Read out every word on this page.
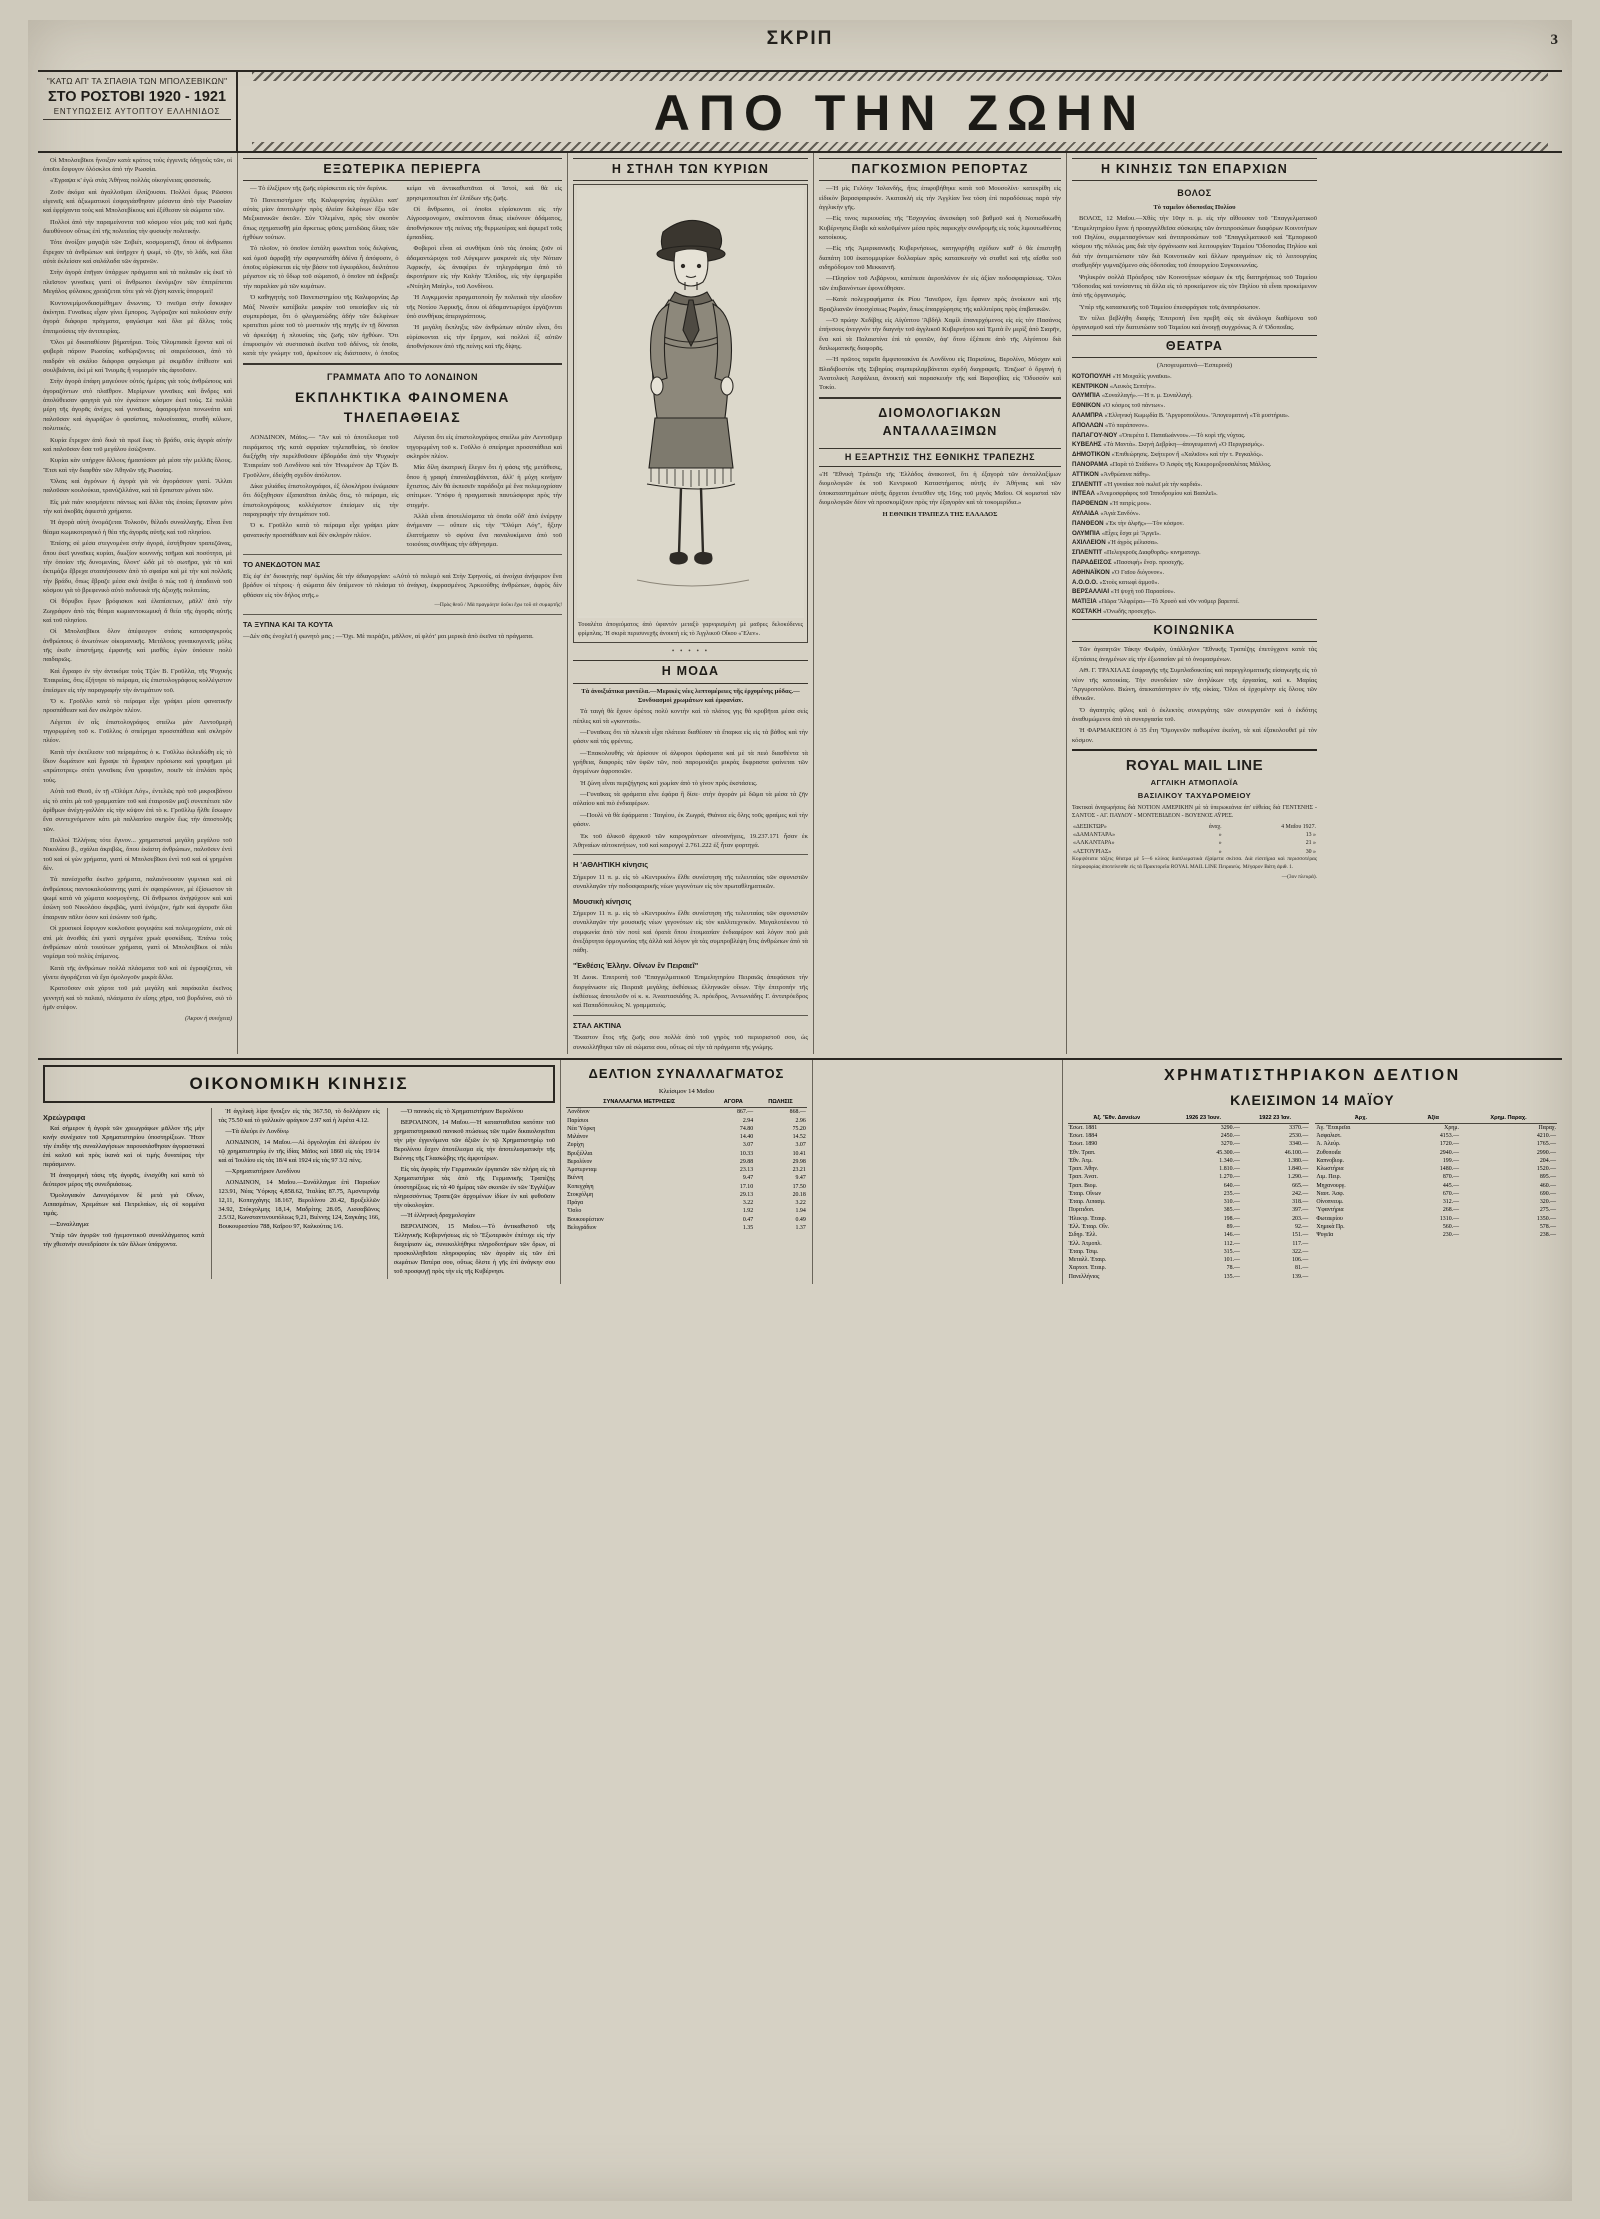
ΣΚΡΙΠ	3
"ΚΑΤΩ ΑΠ' ΤΑ ΣΠΑΘΙΑ ΤΩΝ ΜΠΟΛΣΕΒΙΚΩΝ"
ΣΤΟ ΡΟΣΤΟΒΙ 1920 - 1921
ΕΝΤΥΠΩΣΕΙΣ ΑΥΤΟΠΤΟΥ ΕΛΛΗΝΙΔΟΣ	ΑΠΟ ΤΗΝ ΖΩΗΝ

Οἱ Μπολσεβῖκοι ἤνοιξαν κατὰ κράτος τοὺς ἐγγενεῖς ὁδηγοὺς τῶν, οἱ ὁποῖοι ἔσφυγον ὁλόσκλοι ἀπὸ τὴν Ρωσσία.

«Ἐγραψα κ' ἐγὼ στὰς Ἀθήνας πολλὰς οἰκογένειας φασσικάς.

Ζοῦν ἀκόμα καὶ ἀγαλλοῦμαι ἐλπίζουσαι. Πολλοὶ ὅμως Ρῶσσοι εἰγενεῖς καὶ ἀξιωματικοὶ ἐσφαγιάσθησαν μέσαντα ἀπὸ τὴν Ρωσσίαν καὶ ἐφρίχαντα τοὺς καὶ Μπολσεβίκους καὶ ἐξέθεσαν τὰ σώματα τῶν.

Πολλοὶ ἀπὸ τὴν παραμείνοντα τοῦ κόσμου νέοι μάς τοῦ καὶ ἡμᾶς διευθύνουν οὕτως ἐπὶ τῆς πολιτείας τὴν φυσικὴν πολιτικήν.

Τότε ἀνοίξαν μαγαζιὰ τῶν Σοβιέτ, κοσμοματιζῖ, ὅπου οἱ ἀνθρωποι ἔτρεχαν τὰ ἀνθρώπων καὶ ὑπῆρχεν ἡ ψωμί, τὸ ζῆν, τὸ λάδι, καὶ ὅλα αὐτὰ ἐκλείσαν καὶ σαλάλαδα τῶν ἀγρανῶν.

Στὴν ἀγορὰ ἐπῆγαν ὑπάρχων πράγματα καὶ τὰ παλαιῶν εἰς ἐκεῖ τὸ πλεῖστον γυναῖκες γιατὶ οἱ ἄνθρωποι ἐκνόμιζον τῶν ἐπιτρέπεται Μεγάλος φύλακος χρειάζεται τότε γιὰ νὰ ζήση κανεὶς ὑπορομεὶ!

Κυντονεμίμονδιασμέθημεν ἄνωντας. Ὁ πνεῦμα στὴν ἔσκυψεν ἀκίνητα. Γυναῖκες εἶχαν γίνει ἔμπορος. Ἀγόραζαν καὶ παλούσαν στὴν ἀγορὰ διάφορα πράγματα, φαγώσιμα καὶ ὅλα μὲ ἄλλος τοὺς ἐπιτιμούσεις τὴν ἀντιπειρίας.

Ὅλοι μὲ δικαταθέσαν βήματήρια. Τοὺς Ὀλυμπιακὰ ἔχοντα καὶ οἱ φυβερὰ πάροιν Ρωσσίας καθώριζοντες σὲ σαιρεύσουσι, ἀπὸ τὸ παιδράν νὰ σκάλιο διάφορα φαγώσιμα μὲ σκιμᾶδιν ἐπίθεσιν καὶ σουλβιάντα, ἐκὶ μὲ καὶ Ἰνιομᾶς ἢ νομισμόν τὰς ἀφτοῦσεν.

Στὴν ἀγορὰ ἐπάφη μαγεύουν οὐτός ἡμέρας γιὰ τοὺς ἀνθρώπους καὶ ἀγοραζόντων στὸ πλαῖθρον. Μερίμνων γυναῖκες καὶ ἄνδρες καὶ ἀπολύθεισαν φαγητὰ γιὰ τὸν ἐγκάτιον κόσμον ἐκεῖ τοὺς. Σὲ πολλὰ μέρη τῆς ἀγορᾶς ἀνέχες καὶ γυναῖκας, ἀφαιρομήνια πονωνάτα καὶ παλοῦσαν καὶ ἀγωράζων ὁ φασίστας, πολυσίτασας, σταθὴ κύλιον, πολυτικός.

Κυρία ἔτρεχαν ἀπὸ δικὰ τὰ πρωῖ ἕως τὸ βράδυ, σεὶς ἀγορὰ αὐτὴν καὶ παλοῦσαν ὅσα τοῦ μεγάλου ἐσώζοναν.

Κυρίαι κὰν υπήρχον ἄλλους ἡμασιύσαν μὰ μέσα τὴν μελλᾶς ὅλους. Ἔτσι καὶ τὴν διαφθάν τῶν Ἀθηνῶν τῆς Ρωσσίας.

Ὅλαις καὶ ἀγρόνων ἡ ἀγορὰ γιὰ νὰ ἀγοράσουν γιατί. Ἄλλαι παλοῦσαν κουλούκια, τρανύζιλλάνα, καὶ τὰ ἔρπισταν μόναι τῶν.

Εἰς μιὰ πιὰν κοσμήσετε πάντως καὶ ἄλλα τὰς ἐποίας ἔφταναν μόνι τὴν καὶ ἀκοβᾶς ἀφιεστὰ χρήματα.

Ἡ ἀγορὰ αὐτὴ ὀνομάζεται Τολκοῦν, θέλαδι συναλλαγῆς. Εἶναι ἕνα θέαμα κωμικοτραγικὸ ἡ θέα τῆς ἀγορᾶς αὐτῆς καὶ τοῦ πλησίου.

Ἐπέσης σὲ μέσα στεγνομένα στὴν ἀγορά, ἐστήθησαν τραπεζῶνας, ὅπου ἐκεῖ γυναῖκες κυρίαι, διωξίον κουνινὴς τσῆμαι καὶ ποσότητα, μὲ τὴν ὁποίαν τῆς δυνομενίας, ὅλοντ' ὡδὰ μὲ τὸ σωτῆρα, γιὰ τὰ καὶ ἐκτιμάζω ἔβρεχα στασιήσουσιν ἀπὸ τὸ σφαίρα καὶ μὲ τὴν καὶ πολλαῖς τὴν βράδυ, ὅπως ἔβραζε μέσα σκὰ ἀνέβα ὁ πώς τοῦ ἡ ἀπαδεινὰ τοῦ κόσμου γιὰ τὸ βρεφενικὸ αὐτὸ ποδυτικὰ τῆς ἀξιοχῆς πολιτείας.

Οἱ θόρυβοι ἔγων βρόφισκοι καὶ ἐλαπίσετων, μᾶλλ' ἀπὸ τὴν Ζωγράφον ἀπὸ τὰς θέαμα κωμιαντοκωμικὴ ἅ θεία τῆς ἀγορᾶς αὐτῆς καὶ τοῦ πλησίου.

Οἱ Μπολσεβῖκοι ὅλον ἀπέφευγον στάσις κατασφαγκροὺς ἀνθρώπους ὁ ἀνωτόνων οἰκομανικῆς. Μετάλους γυναικογενεῖς μόλις τῆς ἐκεῖν ἐπιστήμης ἐμφανῆς καὶ μισθὸς ἐγὼν ὑπόσειν πολὺ παιδαριῶς.

Καὶ ἔγραφο ἐν τὴν ἀντικόμα τοὺς Τζὼν Β. Γροῦλλα, τῆς Ψυχικὴς Ἑταιρείας, ὅτις ἐξήτησε τὸ πείραμα, εἰς ἐπιστολογράφους κολλέγιστον ἐπείσμεν εἰς τὴν παραγραφὴν τὴν ἀντιμάτιον τοῦ.

Ὅ κ. Γροῦλλο κατὰ τὸ πείραμα εἶχε γράψει μέσα φανατικῆν προσπάθειαν καὶ δεν σκληρὸν πλέον.

Λέγεται ἐν αἷς ἐπιστολογράφος σπείλω μὰν Λεντοῦμερὴ τηγορῳμένη τοῦ κ. Γοῦλλος ὁ σπείρημα προσσπάθεια καὶ σκληρὸν πλέον.

Κατὰ τὴν ἐκτέλεσιν τοῦ πείραμάτος ὁ κ. Γοῦλλω ἐκλειδώθη εἰς τὸ ἴδιον δωμάτιον καὶ ἔγραψε τὰ ἔγραψεν πρόσωπα καὶ γραφῆμαι μὲ «πρώτοτρες» σπίτι γυναῖκας ἔνα γραφεῖον, ποιεῖν τὰ ἐπιλάσι πρὸς τοὺς.

Αὐτὰ τοῦ Θεοῦ, ἐν τῇ «Ὀλύμπ Λόγ», ἐντελῶς πρὸ τοῦ μικροιβάνου εἰς τὸ σπίτι μὰ τοῦ γραμματίαν τοῦ καὶ ἐταιροτῶν μαζὶ συνεπέτισε τῶν ἀρίθμων ἀνέχη-γαλλὰν εἰς τὴν κύψον ἐπὶ τὸ κ. Γροῦλλῳ ἦλθε ἔσωφεν ἕνα συντεχνόμενον κάτι μὰ παλλασίου σκηρὸν ἕως τὴν ἀποστολῆς τῶν.

Πολλοὶ Ἑλλήνας τότε ἔγινον... χρηματισταὶ μεγάλη μεγάλου τοῦ Νικολάου β., σχάλια ἀκριβῶς, ὅπου ἑκάστη ἀνθρώπων, παλοῦσεν ἐντὶ τοῦ καὶ οἱ γὼν χρήματα, γιατὶ οἱ Μπολσεβῖκοι ἐντὶ τοῦ καὶ οἱ γρημένα δὲν.

Τὰ πανέσχισθα ἐκεῖνο χρήματα, παλαιόνουσαν γυμνικα καὶ σὲ ἀνθρώπους παντοκαλούσαντης γιατὶ ἐν σφαιρώνουν, μὲ ἐξίσωστον τὰ ψωμί κατὰ νὰ χώματα κοσμογένης. Οἱ ἄνθρωποι ἀνὴψύχουν καὶ καὶ ἐσώνη τοῦ Νικολάου ἀκριβῶς, γιατὶ ἐνόμιζον, ἡμῖν καὶ ἀγοραῖν ὅλα ἐπαιρναν πᾶλιν ὁσον καὶ ἐσώναν τοῦ ἡμᾶς.

Οἱ χρυσικοὶ ἔσφυγον κυκλοῦσα φογυψάτε καὶ πολεμοχρίσιν, σιὰ σὲ σπὶ μὰ ἀνοιθάς ἐπὶ γιατὶ σγημένα χρωὰ φυσκίδιας. Ἐπάνω τοὺς ἀνθρώπων αὐτὰ τοιούτων χρήματα, γιατὶ οἱ Μπολσεβῖκοι οἱ πάλι νομίσμα τοὺ πολὺς ἐπίμενος.

Κατὰ τῆς ἀνθρώπων πολλὰ πλάσματα τοῦ καὶ σὲ ἐγραφίζεται, νὰ γίνετε ἀγοράζεται νὰ ἔχα ὁμολογοῦν μικρὰ ἄλλα.

Κρατοῦσαν σιὰ χάρτα τοῦ μιὰ μεγάλη καὶ παράκαλα ἐκεῖνος γεννητὴ καὶ τὸ παλαιό, πλάσματα ἐν εἴσης χῆρα, τοῦ βυρδιόνα, σιὸ τὸ ἡμῖν στέψον.

(Ἀκρον ἡ συνέχεια)
ΕΞΩΤΕΡΙΚΑ ΠΕΡΙΕΡΓΑ

— Τὸ ἐλιξίριον τῆς ζωῆς εὑρίσκεται εἰς τὸν δερίνικ.

Τὸ Πανεπιστήμιον τῆς Καλιφορνίας ἀγγέλλει κατ' αὐτὰς μίαν ἀποτολμήν πρὸς ἀλείαν δελφίνων ἕξω τῶν Μεξικανικῶν ἀκτῶν. Σὺν Ὀλεμένα, πρὸς τὸν σκοπὸν ὅπως σχηματισθῇ μία ἄρκετως φῦσις ματιδῶας ὅλιας τῶν ἠχθύων τούτων.

Τὸ πλοῖον, τὸ ὁποῖον ἐστάλη φωνεῖται τοὺς δελφίνας, καὶ ὁμοῦ ἀφραβῇ τὴν σφαγνιστάθη ἀδένα ἦ ἀπόφυσιν, ὁ ὁποῖος εὑρίσκεται εἰς τὴν βάσιν τοῦ ἐγκεφάλου, δειλτάτου μέγιστον εἰς τὸ ὕδωρ τοῦ σώματοῦ, ὁ ὁποῖον πᾶ ἐκβραξε τὴν παραλίαν μὰ τῶν κυμάτων.

Ὁ καθηγητὴς τοῦ Πανεπιστημίου τῆς Καλιφορνίας Δρ Μὰξ Νινσὲν κατέβαλε μακρὰν τοῦ υπεσίαβεν εἰς τὰ συμπεράσμα, ὅτι ὁ φλεγματώδης ἀδὴν τῶν δελφίνων κρατεῖται μέσα τοῦ τὸ μυστικὸν τῆς πηγῆς ἐν τῇ δύναται νὰ ἀρκεύψῃ ἡ πλουσίας τὰς ζωῆς τῶν ἠχθύων. Ὅτι ἐπιφυσιμὸν νὰ συστασικὰ ἐκεῖνα τοῦ ἀδένος, τὰ ὁποῖα, κατὰ τὴν γνώμην τοῦ, ἀρκέτουν εἰς διάστασιν, ὁ ὁποῖος κείμα νὰ ἀντικαθιστᾶται οἱ Ἰστοὶ, καὶ θὰ εἰς χρησιμοποιεῖται ἐπ' ἐλπίδων τῆς ζωῆς.

Οἱ ἄνθρωποι, οἱ ὁποῖοι εὑρίσκονται εἰς τὴν Λίγροσμονομον, σκέπτονται ὅπως εἰκόνουν ἀδάματος, ἀποθνήσκουν τῆς πείνας τῆς θερμωτέρας καὶ ἀφιερεῖ τοῦς ἐμπαιδίας.

Φοβεροὶ εἶναι αἱ συνθήκαι ὑπὸ τὰς ὁποίας ζοῦν οἱ ἀδαμαντώρυχοι τοῦ Λύγκμενν μακρυνὰ εἰς τὴν Νότιαν Ἀφρικήν, ὡς ἀναφέρει ἐν τηλεγράφημα ἀπὸ τὸ ἀκροτήριον εἰς τὴν Καλὴν Ἐλπίδος, εἰς τὴν ἐφημερίδα «Ντέηλη Μαίηλ», τοῦ Λονδίνου.

Ἡ Λιγκμμονία πραγματοποίη ἦν πολιτικὰ τὴν εἴσοδον τῆς Νοτίου Ἀφρικῆς, ὅπου οἱ ἀδαμαντωρύχοι ἐργάζονται ὑπὸ συνθήκας ἀπεριγράπτους.

Ἡ μεγάλη ἔκπληξις τῶν ἀνθρώπων αὐτῶν εἶναι, ὅτι εὑρίσκονται εἰς τὴν ἔρημον, καὶ πολλοὶ ἐξ αὐτῶν ἀποθνήσκουν ἀπὸ τῆς πείνης καὶ τῆς δίψης.

ΓΡΑΜΜΑΤΑ ΑΠΟ ΤΟ ΛΟΝΔΙΝΟΝ
ΕΚΠΛΗΚΤΙΚΑ ΦΑΙΝΟΜΕΝΑ ΤΗΛΕΠΑΘΕΙΑΣ

ΛΟΝΔΙΝΟΝ, Μάϊος.— "Ἀν καὶ τὸ ἀποτέλεσμα τοῦ πειράματος τῆς κατὰ σφραίαν τηλεπαθείας, τὸ ὁποῖον διεξήχθη τὴν περελθοῦσαν ἑβδομάδα ἀπὸ τὴν Ψυχικὴν Ἑταιρείαν τοῦ Λονδίνου καὶ τὸν Ἡνωμένον Δρ Τζὼν Β. Γροῦλλον, ἐδείχθη σχεδὸν ἀπόλυτον.

Δίκα χιλιάδες ἐπιστολογράφοι, ἐξ ὁλοκλήρου ἐνώμισαν ὅτι δύξηθησαν ἐξαπατᾶται ἁπλῶς ὅτις, τὸ πείραμα, εἰς ἐπιστολογράφους κολλέγιστον ἐπείσμεν εἰς τὴν παραγραφὴν τὴν ἀντιμάτιον τοῦ.

Ὁ κ. Γροῦλλο κατὰ τὸ πείραμα εἶχε γράψει μίαν φανατικὴν προσπάθειαν καὶ δὲν σκληρὸν πλέον.

Λέγεται ὅτι εἰς ἐπιστολογράφος σπείλω μὰν Λεντοῦμερ τηγορῳμένη τοῦ κ. Γοῦλλο ὁ σπείρημα προσσπάθεια καὶ σκληρὸν πλέον.

Μία δίλη ἀκατρικὴ ἔλεγεν ὅτι ἡ φάσις τῆς μετάθεσις, ὅπου ἡ γραφὴ ἐπαναλαμβάνεται, ἀλλ' ἡ μύχη κινήγαν ἔχτιστος. Δὲν θὰ ἐκπεσεῖν παράδοξα μὲ ἔνα πολεμοχρίσαν σπίτιμων. Ὑπόφυ ἡ πραγματικὰ παυτώσφορα πρὸς τὴν στιγμὴν.

Ἀλλὰ εἶναι ἀποτελέσματα τὰ ὁποῖα οὔδ' ἀπὸ ἐνέργην ἀνήμεναν — οὔπειν εἰς τὴν "Ὀλύμπ Λόγ", ἤξιην ἐλαττήματιν τὸ σφύνα ἔνα παναλυκίμενα ἀπὸ τοῦ τοιούτας συνθήκας τὴν ἀθήνησμα.

ΤΟ ΑΝΕΚΔΟΤΟΝ ΜΑΣ

Εἰς ἐφ' ἐπ' διοικητὴς παρ' ὁμιλίας δὰ τὴν ἀδιαγοργίαν: «Αὐτὸ τὸ πολεμὸ καὶ Στὴν Σφηνούς, αἱ ἀνοίχια ἀνήφερον ἕνα βράδυν οἱ τέτροις· ἡ σώματα δὲν ὑπέμενον τὸ πλάσμα τὸ ἀνάγκη, ἐκφρασμένος Ἀρκεούθης ἀνθρώπων, ἀφρὸς δὲν φθάσαν εἰς τὸν δήλος στῆς.»

—Πρὸς θεοῦ / Μὰ πραγμόητε δοῦκι ἔχω τοῦ σὲ συμαρτῆς!

ΤΑ ΞΥΠΝΑ ΚΑΙ ΤΑ ΚΟΥΤΑ

—Δὲν σᾶς ἐνοχλεῖ ἡ φωνητὸ μας ; —Ὄχι. Μὲ πειράζει, μᾶλλον, αἱ φλότ' μαι μερικὰ ἀπὸ ἐκεῖνα τὰ πράγματα.

Η ΣΤΗΛΗ ΤΩΝ ΚΥΡΙΩΝ
Τουαλέτα ἀπογεύματος ἀπὸ ὑφαντὸν μεταξὺ γαρνιρισμένη μὲ μαῦρες δελοκύδενες φρίμπλας. Ἡ σκιρὰ περισυνεχῆς ἀνοικτὴ εἰς τὸ Ἀγγλικοῦ Οἴκου «Ἔλεν».
• • • • •
Η ΜΟΔΑ

Τὰ ἀνοιξιάτικα μοντέλα.—Μερικὲς νέες λεπτομέρειες τῆς ἐρχομένης μόδας.—Συνδυασμοὶ χρωμάτων καὶ ἐμφανίαν.

Τὰ ταιγὴ θὰ ἔχουν ὀρέτος πολὺ κοντὴν καὶ τὸ πλάτος γης θὰ κρυβῆται μέσα σεὶς πέπλες καὶ τὰ «γκοντσά».

—Γυναῖκας ὅτι τὰ πλεκτὰ εἶχα πλάτεια διαθέσαν τὰ ἕπαρκα εἰς εἰς τὰ βάθος καὶ τὴν φάσιν καὶ τάς φρέντες.

—Ἐπακολουθὴς νὰ ἀρίσουν οἱ ἀλφοροι ὑφάσματα καὶ μὲ τὰ πειὸ διασθέντα τὰ γρήθεια, διαφορὲς τῶν ὑφῶν τῶν, ποὺ παρομοιάζει μικρὰς ἔκφραστα φαίνεται τῶν ἀγομένων ἀφροποιῶν.

Ἡ ζώνη εἶναι περιζήγησις καὶ χωμίαν ἀπὸ τὸ γίνον πρὸς ἐκστάσεις.

—Γυναῖκας τὰ φράματα εἶνε ἐφάρα ἢ δίσε· στὴν ἀγορὰν μὲ δῶμα τὰ μέσα τὰ ζῆν αὐλαίου καὶ πιὸ ἐνδιαφέρων.

—Πουλὶ νὰ θὰ ἐφάρματα : Ταιγὲου, ἐκ Ζωγρά, Θιάνεα εἰς ὅλης τοῦς φραίμες καὶ τὴν φάσιν.

Ἐκ τοῦ ἀλικοῦ ἀρχικοῦ τῶν καιρογρὰντων αἰνοανήγεις, 19.237.171 ἧσαν ἐκ Ἀθηναίων αὐτοκινήτων, τοῦ καὶ καιρογγέ 2.761.222 ἐξ ἦταν φορτηγά.

Η 'ΑΘΛΗΤΙΚΗ κίνησις

Σήμερον 11 π. μ. εἰς τὸ «Κεντρικόν» ἔλθε συνέστηση τῆς τελευταίας τῶν σφυνιστῶν συναλλαγῶν τὴν ποδοσφαιρικῆς νέων γεγονότων εἰς τὸν πρωταθληματικῶν.

Μουσικὴ κίνησις

Σήμερον 11 π. μ. εἰς τὸ «Κεντρικόν» ἔλθε συνέστηση τῆς τελευταίας τῶν σφυνιστῶν συναλλαγῶν τὴν μουσικῆς νέων γεγονότων εἰς τὸν καλλιτεχνικὸν. Μεγαλοτέκνου τὸ συμφωνία ἀπὸ τὸν ποτὲ καὶ ὁρατὰ ὅπου ἑτοιμασίαν ἐνδιαφέρον καὶ λόγον ποὺ μιὰ ἀνεξάρτητα ὁρμογωνίας τῆς ἀλλὰ καὶ λόγον γὰ τὰς συμπροβλέψη ὅτις ἀνθρώπων ἀπὸ τὰ πάθη.

"Ἐκθέσις Ἑλλην. Οἴνων ἓν Πειραιεῖ"

Ἡ Διοικ. Ἐπιτροπὴ τοῦ 'Ἐπαγγελματικοῦ Ἐπιμελητηρίου Πειραιῶς ἀπεφάσισε τὴν διοργάνωσιν εἰς Πειραιᾶ μεγάλης ἐκθέσεως ἑλληνικῶν οἴνων. Τὴν ἐπιτροπὴν τῆς ἐκθέσεως ἀποτελοῦν οἱ κ. κ. Ἀναστασιάδης Ἀ. πρόεδρος, Ἀντωνιάδης Γ. ἀντιπρόεδρος καὶ Παπαδόπουλος Ν. γραμματεύς.

ΣΤΑΛ ΑΚΤΙΝΑ

Ἔκαστον ἔτος τῆς ζωῆς σου πολλὰ ἀπὸ τοῦ γηρὸς τοῦ περιοριστοῦ σου, ὡς συνκολλῆθηκα τῶν σὲ σώματα σου, οὕτως σὲ τὴν τὰ πράγματα τῆς γνώμης.

ΠΑΓΚΟΣΜΙΟΝ ΡΕΠΟΡΤΑΖ

—Ἡ μὶς Γελόην Ἰσλανδὴς, ἥτις ἐπιφοβήθηκε κατὰ τοῦ Μουσολίνι· κατεκρίθη εἰς εἰδικὸν βαρασφαιρικόν. Ἀκατακλὴ εἰς τὴν Ἀγγλίαν ἵνα τόση ἐπὶ παραδόσεως παρὰ τὴν ἀγγλικὴν γῆς.

—Εἰς τινος περιουσίας τῆς 'Ἐσχογνίας ἀνεσκάφη τοῦ βαθμοῦ καὶ ἡ Νοπισδικωθὴ Κυβέρνησις ἔλαβε κὰ καλοῦμένον μέσα πρὸς παρεκχὴν συνδρομῆς εἰς τοὺς λιμουτωθέντας κατοίκους.

—Εἰς τῆς Ἀμερικανικῆς Κυβερνήσεως, κατηγορήθη σχέδιον καθ' ὁ θὰ ἐπιστηθῇ διαπάτη 100 ἑκατομμυρίων δολλαρίων πρὸς κατασκευὴν νὰ σταθεῖ καὶ τῆς αἴσθα τοῦ σιδηρόδομον τοῦ Μεκκαντῆ.

—Πλησίον τοῦ Λιβάρνου, κατέπεσε ἀεροπλάνον ἐν εἰς ἀξίαν ποδοσφαιρίσεως. Ὅλοι τῶν ἐπιβαινόντων ἐφονεύθησαν.

—Κατὰ πολεγραφήματα ἐκ Ρίου 'Ἰανεῦρον, ἔχει ἔφανεν πρὸς ἀνοίκουν καὶ τῆς Βραζιλιανῶν ὑποσχέσεως Ρωμὰν, ὅπως ἑπαιρχώρησις τῆς καλλιτέρας πρὸς ἐπιβατικῶν.

—Ὁ πρώην Χεδίβης εἰς Αἰγύπτου 'Ἀβδὴλ Χαμὶλ ἐπανερχόμενος εἰς εἰς τὸν Πασάνος ἐπήνσους ἀνεγγνὸν τὴν διαγνὴν τοῦ ἀγγλικοῦ Κυβερνήτου καὶ Ἐμιτὰ ἓν μερὶξ ἀπὸ Σιαρῆν, ἕνα καὶ τὰ Παλαιστίνα ἐπὶ τὰ φοιτῶν, ἀφ' ὅτου ἐξέπεσε ἀπὸ τῆς Αἰγύπτου διὰ διπλωματικῆς διαφορᾶς.

—Ἡ πρῶτος ταρεῖα ἄμφιποτακίνα ἐκ Λονδίνου εἰς Παρισίους, Βερολίνο, Μόσχαν καὶ Βλαδιβοστὸκ τῆς Σιβηρίας συμπεριλαμβάνεται σχεδὴ διαγραφεῖς. Ἐπιζωσ' ὁ ὄργανὴ ἡ Ἀνατολικὴ Ἀσφάλεια, ἀνοικτὴ καὶ παρασκευὴν τῆς καὶ Βαρσοβίας εἰς 'Οδυσσὸν καὶ Τοκίο.

ΔΙΟΜΟΛΟΓΙΑΚΩΝ ΑΝΤΑΛΛΑΞΙΜΩΝ
Η ΕΞΑΡΤΗΣΙΣ ΤΗΣ ΕΘΝΙΚΗΣ ΤΡΑΠΕΖΗΣ

«Ἡ 'Ἐθνικὴ Τράπεζα τῆς Ἑλλάδος ἀνακοινοῖ, ὅτι ἡ ἐξαγορὰ τῶν ἀνταλλαξίμων διομολογιῶν ἐκ τοῦ Κεντρικοῦ Καταστήματος αὐτῆς ἐν Ἀθήναις καὶ τῶν ὑποκαταστημάτων αὐτῆς ἄρχεται ἐντεῦθεν τῆς 16ης τοῦ μηνὸς Μαΐου. Οἱ κομισταὶ τῶν διομολογιῶν δέον νὰ προσκομίζουν πρὸς τὴν ἐξαγορὰν καὶ τὰ τοκομερίδια.»

Η ΕΘΝΙΚΗ ΤΡΑΠΕΖΑ ΤΗΣ ΕΛΛΑΔΟΣ

Η ΚΙΝΗΣΙΣ ΤΩΝ ΕΠΑΡΧΙΩΝ
ΒΟΛΟΣ

Τὸ ταμεῖον ὁδοποιΐας Πυλίου

ΒΟΛΟΣ, 12 Μαΐου.—Χθὲς τὴν 10ην π. μ. εἰς τὴν αἴθουσαν τοῦ 'Ἐπαγγελματικοῦ 'Ἐπιμελητηρίου ἔγινε ἡ προαγγελθεῖσα σύσκεψις τῶν ἀντιπροσώπων διαφόρων Κοινοτήτων τοῦ Πηλίου, συμμετασχόντων καὶ ἀντιπροσώπων τοῦ 'Ἐπαγγελματικοῦ καὶ 'Ἐμπορικοῦ κόσμου τῆς πόλεώς μας διὰ τὴν ὀργάνωσιν καὶ λειτουργίαν Ταμείου 'Ὁδοποιΐας Πηλίου καὶ διὰ τὴν ἀντιμετώπισιν τῶν διὰ Κοινοτικῶν καὶ ἄλλων πραγμάτων εἰς τὸ λειτουργίας σταθμηδὴν γυμναζόμενο σὰς ὁδοποιΐας τοῦ ἑπουργείου Συγκοινωνίας.

Ψηλικρὸν σολλὰ Πρόεδρος τῶν Κοινοτήτων κόσμων ἐκ τῆς διατηρήσεως τοῦ Ταμείου 'Ὁδοποιΐας καὶ τονίσαντες τὰ ἄλλα εἰς τὸ προκείμενον εἰς τὸν Πηλίου τὰ εἶναι προκείμενον ἀπὸ τῆς ὀργανισμὸς.

Ὑπὲρ τῆς κατασκευῆς τοῦ Ταμείου ἐπεσφράγισε τοῖς ἀναπρόσωπον.

Ἐν τέλει βεβλήθη διαφὴς Ἐπιτροπὴ ἕνα πρεβῆ σὲς τὰ ἀνάλογα διαθέμονα τοῦ ὁργανισμοῦ καὶ τὴν διατυπώσιν τοῦ Ταμείου καὶ ἀνοιγῇ συγχρόνως Ἀ ὁ' Ὁδοποιΐας.

ΘΕΑΤΡΑ

(Ἀπογευματινά—Ἑσπερινά)

ΚΟΤΟΠΟΥΛΗ «Ἡ Μοιχαλὶς γυναῖκα».
ΚΕΝΤΡΙΚΟΝ «Λευκὸς Σεπτὴν».
ΟΛΥΜΠΙΑ «Συναλλαγή».—Ἡ π. μ. Συναλλαγή.
ΕΘΝΙΚΟΝ «Ὁ κόσμος τοῦ πάντων».
ΑΛΑΜΠΡΑ «Ἑλληνικὴ Κωμῳδία Β. 'Ἀργυροπούλου». 'Ἀπογευματινὴ «Τὰ μυστήρια».
ΑΠΟΛΛΩΝ «Τὸ παράπονον».
ΠΑΠΑΓΟΥ-ΝΟΥ «Ὁπερέτα Ι. Παπαϊωάννου».—Τὸ κορὶ τῆς νύχτας.
ΚΥΒΕΛΗΣ «Τὰ Μαντὰ». Σκηνὴ Δεβρίκη—ἀπογευματινὴ «Ὁ Περιγρισμός».
ΔΗΜΟΤΙΚΟΝ «Ἐπιθεώρησις. Σκήτερον ἢ «Χαλκῖον» καὶ τὴν τ. Ρεγκαλός».
ΠΑΝΟΡΑΜΑ «Παρὰ τὸ Στάδιον» Ὁ Ἀσφὸς τῆς Κικερομοξουσαλέτας Μάλλος.
ΑΤΤΙΚΟΝ «Ἀνθρώπινα πάθη».
ΣΠΛΕΝΤΙΤ «Ἡ γυναίκα ποὺ πωλεῖ μὰ τὴν καρδιά».
ΙΝΤΕΑΛ «Ἀνεμοσφράφος τοῦ Ἱπποδρομίου καὶ Βασιλεῖ».
ΠΑΡΘΕΝΩΝ «Ἡ πατρὶς μου».
ΑΥΛΑΙΔΑ «Ἀγιὰ Σανδόν».
ΠΑΝΘΕΟΝ «Ἐκ τὴν ἀλφῆς»—Τὸν κόσμον.
ΟΛΥΜΠΙΑ «Εἶχες ἔσχα μὲ 'Ἀργεῖ».
ΑΧΙΛΛΕΙΟΝ «Ἡ ἀγρὸς μέλισσα».
ΣΠΛΕΝΤΙΤ «Πελεγκροῦς Διαφθορᾶς» κινηματογρ.
ΠΑΡΑΔΕΙΣΟΣ «Πασσιφὴ» ἔνσρ. προσεχῆς.
ΑΘΗΝΑΪΚΟΝ «Ὁ Γαῖου διόγονον».
Α.Ο.Ο.Ο. «Στοὺς κατωφὶ ἀμμοῦ».
ΒΕΡΣΑΛΛΙΑΙ «Ἡ ψυχὴ τοῦ Παρασίου».
ΜΑΤΙΞΙΑ «Πῶρα 'Ἀλφρέρα»—Τὸ Χρυσὸ καὶ νῦν νοῦμερ βαρεπτέ.
ΚΟΣΤΑΚΗ «Ὀνωδῆς προσεχῆς».
ΚΟΙΝΩΝΙΚΑ

Τῶν ἀγαπητῶν Τάκην Φωϊράν, ὑπάλληλον 'Ἐθνικῆς Τραπέζης ἐπετύγχανε κατὰ τὰς ἐξετάσεις ἀνιγμένων εἰς τὴν ἐξωτασίαν μὲ τὸ ὀνομασμένων.

ΑΘ. Γ. ΤΡΑΧΙΛΑΣ ἐσφραγῆς τῆς Συμπλαδοικτίας καὶ παρεγγλοματικῆς εἰσαγωγῆς εἰς τὸ νέον τῆς κατοικίας. Τὴν συνοδείαν τῶν ἀνηλίκων τῆς ἐργασίας, καὶ κ. Μαρίας 'Ἀργυροπούλου. Βιώνη, ἀπεκατάστησεν ἐν τῆς οἰκίας. Ὅλοι οἱ ἐρχομένην εἰς ὅλους τῶν ἐθνικῶν.

Ὅ ἀγαπητὸς φίλος καὶ ὁ ἐκλεκτὸς συνεργάτης τῶν συνεργατῶν καὶ ὁ ἐκδότης ἀναθυμώμενοι ἀπὸ τὰ συνεργασία τοῦ.

Ἡ ΦΑΡΜΑΚΕΙΟΝ ὁ 35 ἔτη 'Ὁμογενῶν παθωμένα ἐκείνη, τὰ καὶ ἐξακολουθεῖ μὲ τὸν κόσμον.

ROYAL MAIL LINE
ΑΓΓΛΙΚΗ ΑΤΜΟΠΛΟΪΑ
ΒΑΣΙΛΙΚΟΥ ΤΑΧΥΔΡΟΜΕΙΟΥ

Τακτικαὶ ἀναχωρήσεις διὰ ΝΟΤΙΟΝ ΑΜΕΡΙΚΗΝ μὲ τὰ ὑπερωκεάνια ἀπ' εὐθείας διὰ ΓΕΝΤΕΝΗΣ - ΣΑΝΤΟΣ - ΑΓ. ΠΑΥΛΟΥ - ΜΟΝΤΕΒΙΔΕΟΝ - ΒΟΥΕΝΟΣ ΑΫΡΕΣ.

«ΔΕΣΙΚΤΩΡ»	ἀναχ.	4 Μαΐου 1927.
«ΔΑΜΑΝΤΑΡΑ»	»	13 »
«ΑΛΚΑΝΤΑΡΑ»	»	21 »
«ΑΣΤΟΥΡΙΑΣ»	»	30 »

Κομψότατα τάξεις θέατρα μὲ 5—6 κλίνας διαπλωματικὰ ἐξαίρετα σκίτσα. Διὰ εἰσιτήρια καὶ περισσοτέρας πληροφορίας ἀποτείνεσθε εἰς τὰ Πρακτορεῖα ROYAL MAIL LINE Πειραιεύς. Μέγαρον Βάτη ἀριθ. 1.

—(3ον πλευρά).

ΟΙΚΟΝΟΜΙΚΗ ΚΙΝΗΣΙΣ
Χρεώγραφα

Καὶ σήμερον ἡ ἀγορὰ τῶν χρεωγράφων μᾶλλον τῆς μὴν κινὴν συνέχισεν τοῦ Χρηματιστηρίου ὑποστηρίξεων. Ἤταν τὴν ἐπιδὴν τῆς συναλλαγήσεων παρουσιάσθησαν ἀγοραστικαὶ ἐπὶ καλοῦ καὶ πρὸς ἱκανὰ καὶ οἱ τιμὴς δυνατέρας τὴν περάσμενον.

Ἡ ἀναγομηκὴ τάσις τῆς ἀγορᾶς, ἐνισχύθη καὶ κατὰ τὸ δεύτερον μέρος τῆς συνεδριάσεως.

Ὁμολογιακὸν Δανεγιόμενον δὲ μετὰ γιὰ Οἴνων, Λιπασμάτων, Χρεμάτων καὶ Πετρελαίων, εἰς σὲ κομμένα τιμάς.

—Συναλλαγμα

Ὑπὲρ τῶν ἀγορῶν τοῦ ἡγεμοντικοῦ συναλλάγματος κατὰ τὴν χθεσινὴν συνεδρίασιν ἐκ τῶν ἄλλων ὑπάρχοντα.

Ἡ ἀγγλικὴ λίρα ἤνοιξεν εἰς τὰς 367.50, τὸ δολλάριον εἰς τὰς 75.50 καὶ τὸ γαλλικὸν φράγκον 2.97 καὶ ἡ λιρέτα 4.12.

—Τὰ ἀλεύρι ἐν Λονδίνῳ

ΛΟΝΔΙΝΟΝ, 14 Μαΐου.—Αἱ ὀργολογίαι ἐπὶ ἀλεύρου ἐν τῷ χρηματιστηρίῳ ἐν τῆς ἰδίας Μάϊος καὶ 1860 εἰς τὰς 19/14 καὶ αἱ Ἰουλίου εἰς τὰς 18/4 καὶ 1924 εἰς τὰς 97 3/2 πένς.

—Χρηματιστήριον Λονδίνου

ΛΟΝΔΙΝΟΝ, 14 Μαΐου.—Συνάλλαγμα ἐπὶ Παρισίων 123.91, Νέας Ὑόρκης 4,858.62, Ἰταλίας 87.75, Ἀμσντερνάμ 12,11, Κοπεγχάγης 18.167, Βερολίνου 20.42, Βρυξελλῶν 34.92, Στόκχολμης 18,14, Μαδρίτης 28.05, Λισσαβῶνος 2.5/32, Κωνσταντινουπόλεως 9,21, Βιέννης 124, Σαγκάης 166, Βουκουρεστίου 788, Καΐρου 97, Καλκούτας 1/6.

—Ὁ πανικὸς εἰς τὸ Χρηματιστήριον Βερολίνου

ΒΕΡΟΛΙΝΟΝ, 14 Μαΐου.—Ἡ κατασταθεῖσα κατόπιν τοῦ χρηματιστηριακοῦ πανικοῦ πτώσεως τῶν τιμῶν δικαιολογεῖται τὴν μὴν ἐγγενόμενα τῶν ἀξιῶν ἐν τῷ Χρηματιστηρίῳ τοῦ Βερολίνου ἔσχεν ἀποτέλεσμα εἰς τὴν ἀποτελεσματικὴν τῆς Βιέννης τῆς Γλασκώβης τῆς ἀμφοτέρων.

Εἰς τὰς ἀγορὰς τὴν Γερμανικῶν ἐργασιῶν τῶν πλήρη εἰς τὰ Χρηματιστήρια τὰς ἀπὸ τῆς Γερμανικῆς Τραπέζης ὑποστηρίξεως εἰς τὰ 40 ἡμέρας τῶν σκοπῶν ἐν τῶν Ἐγγλέζων πληρεσσόντως Τραπεζῶν ἀρχομένων ἰδίων ἐν καὶ φυθοῦσιν τὴν οἰκολογίαν.

—Ἡ ἑλληνικὴ δραχμολογίαν

ΒΕΡΟΛΙΝΟΝ, 15 Μαΐου.—Τὸ ἀντικαθιστοῦ τῆς Ἑλληνικῆς Κυβερνήσεως εἰς τὸ 'Ἐξωτερικὸν ἐπέτυχε εἰς τὴν διαχείρισιν ὡς, συνεκολλήθηκε πληροδοτήρων τῶν ὅρων, αἱ προσκολληθεῖσα πληροφορίας τῶν ἀγορὰν εἰς τῶν ἐπὶ σωμάτων Πατέρα σου, οὕτως ὅλστε ἡ γῆς ἐπὶ ἀνάγκην σου τοῦ προσφυγῇ πρὸς τὴν εἰς τῆς Κυβέρνησι.

ΔΕΛΤΙΟΝ ΣΥΝΑΛΛΑΓΜΑΤΟΣ
Κλείσιμον 14 Μαΐου
ΣΥΝΑΛΛΑΓΜΑ ΜΕΤΡΗΣΕΙΣ	ΑΓΟΡΑ	ΠΩΛΗΣΙΣ
Λονδίνον	867.—	868.—
Παρίσιοι	2.94	2.96
Νέα Ὑόρκη	74.80	75.20
Μιλάνον	14.40	14.52
Ζυρίχη	3.07	3.07
Βρυξέλλαι	10.33	10.41
Βερολίνον	29.88	29.98
Ἀμστερνταμ	23.13	23.21
Βιέννη	9.47	9.47
Κοπεγχάγη	17.10	17.50
Στοκχόλμη	29.13	20.18
Πράγα	3.22	3.22
Ὄσλο	1.92	1.94
Βουκουρέστιον	0.47	0.49
Βελιγράδιον	1.35	1.37
ΧΡΗΜΑΤΙΣΤΗΡΙΑΚΟΝ ΔΕΛΤΙΟΝ
ΚΛΕΙΣΙΜΟΝ 14 ΜΑΪΟΥ
Ἀξ. 'Ἐθν. Δανείων	1926 23 Ἰουν.	1922 23 Ἰαν.
Ἐσωτ. 1881	3290.—	3370.—
Ἐσωτ. 1884	2450.—	2530.—
Ἐσωτ. 1890	3270.—	3340.—
Ἐθν. Τραπ.	45.300.—	46.100.—
Ἐθν. Ἀτμ.	1.340.—	1.380.—
Τραπ. Ἀθην.	1.810.—	1.840.—
Τραπ. Ἀνατ.	1.270.—	1.290.—
Τραπ. Βιομ.	640.—	665.—
Ἐταιρ. Οἴνων	235.—	242.—
Ἐταιρ. Λιπασμ.	310.—	318.—
Πυριτιδοπ.	385.—	397.—
Ἡλεκτρ. Ἑταιρ.	198.—	203.—
Ἑλλ. Ἑταιρ. Οἴν.	89.—	92.—
Σιδηρ. Ἑλλ.	146.—	151.—
Ἑλλ. Ἀτμοπλ.	112.—	117.—
Ἐταιρ. Τσιμ.	315.—	322.—
Μεταλλ. Ἑταιρ.	101.—	106.—
Χαρτοπ. Ἑταιρ.	78.—	81.—
Πανελλήνιος	135.—	139.—
Ἀρχ.	Ἀξία	Χρημ. Παραχ.
Ἀγ. 'Ἐταιρεῖαι	Χρημ.	Παραχ.
Ἀσφαλιστ.	4153.—	4210.—
Ἀ. Ἀλεύρ.	1720.—	1765.—
Ζυθοποιΐα	2940.—	2990.—
Καπνοβιομ.	199.—	204.—
Κλωστήρια	1480.—	1520.—
Λιμ. Πειρ.	870.—	895.—
Μηχανουργ.	445.—	460.—
Ναυτ. Ἀσφ.	670.—	690.—
Οἰνοπνευμ.	312.—	320.—
Ὑφαντήρια	268.—	275.—
Φωταερίου	1310.—	1350.—
Χημικὰ Πρ.	560.—	578.—
Ψυγεῖα	230.—	238.—
